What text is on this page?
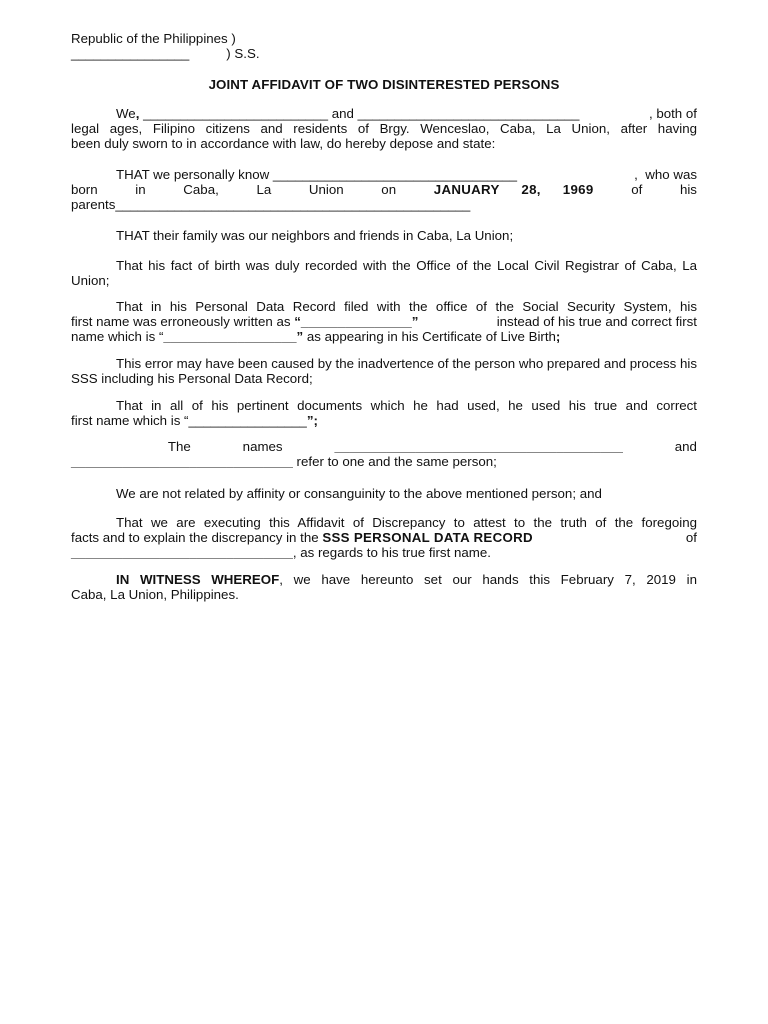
Republic of the Philippines )
________________          ) S.S.
JOINT AFFIDAVIT OF TWO DISINTERESTED PERSONS
We, _________________________ and ______________________________	, both of
legal ages, Filipino citizens and residents of Brgy. Wenceslao, Caba, La Union, after having
been duly sworn to in accordance with law, do hereby depose and state:
THAT we personally know _________________________________	,  who was
born	in	Caba,	La	Union	on	JANUARY 28, 1969	of	his
parents________________________________________________
THAT their family was our neighbors and friends in Caba, La Union;
That his fact of birth was duly recorded with the Office of the Local Civil Registrar of Caba, La Union;
That in his Personal Data Record filed with the office of the Social Security System, his
first name was erroneously written as “_______________”	instead of his true and correct first
name which is “__________________” as appearing in his Certificate of Live Birth;
This error may have been caused by the inadvertence of the person who prepared and process his SSS including his Personal Data Record;
That in all of his pertinent documents which he had used, he used his true and correct
first name which is “________________”;
The	names	_______________________________________	and
______________________________ refer to one and the same person;
We are not related by affinity or consanguinity to the above mentioned person; and
That we are executing this Affidavit of Discrepancy to attest to the truth of the foregoing
facts and to explain the discrepancy in the SSS PERSONAL DATA RECORD	of
______________________________, as regards to his true first name.
IN WITNESS WHEREOF, we have hereunto set our hands this February 7, 2019 in
Caba, La Union, Philippines.
